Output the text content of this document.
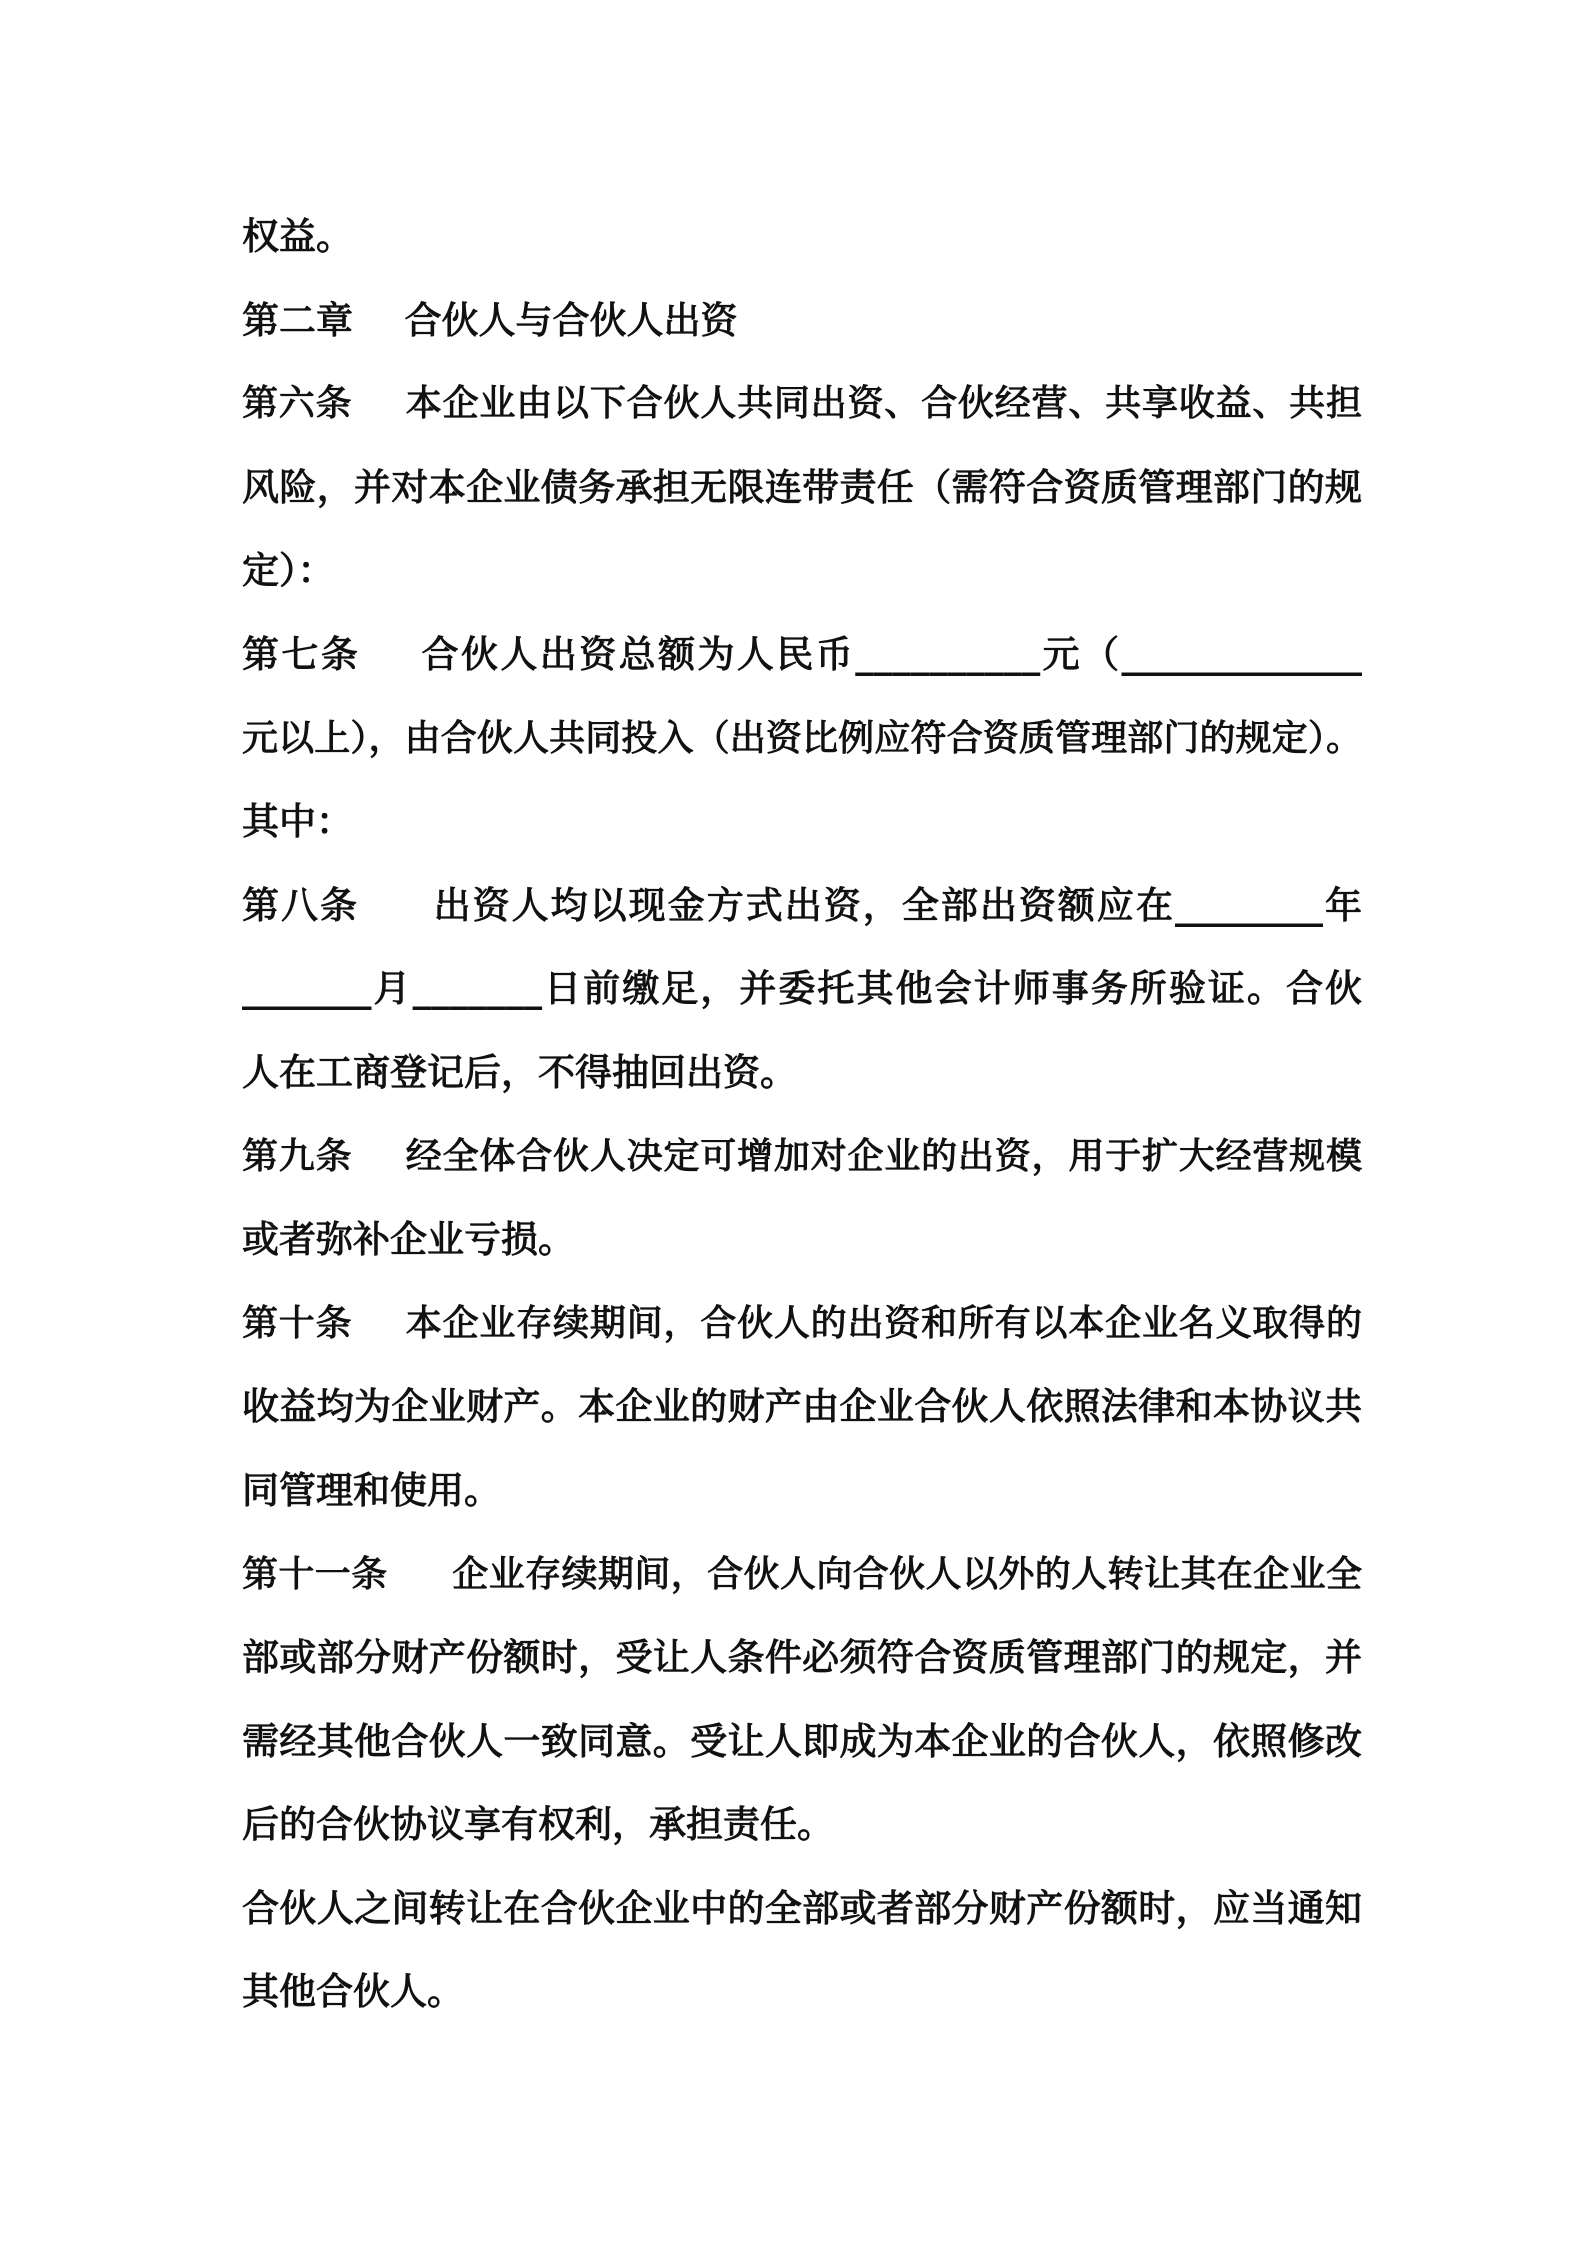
权益。
第二章    合伙人与合伙人出资
第六条    本企业由以下合伙人共同出资、合伙经营、共享收益、共担
风险，并对本企业债务承担无限连带责任（需符合资质管理部门的规
定）：
第七条    合伙人出资总额为人民币__________元（_____________
元以上），由合伙人共同投入（出资比例应符合资质管理部门的规定）。
其中：
第八条     出资人均以现金方式出资，全部出资额应在________年
_______月_______日前缴足，并委托其他会计师事务所验证。合伙
人在工商登记后，不得抽回出资。
第九条    经全体合伙人决定可增加对企业的出资，用于扩大经营规模
或者弥补企业亏损。
第十条    本企业存续期间，合伙人的出资和所有以本企业名义取得的
收益均为企业财产。本企业的财产由企业合伙人依照法律和本协议共
同管理和使用。
第十一条     企业存续期间，合伙人向合伙人以外的人转让其在企业全
部或部分财产份额时，受让人条件必须符合资质管理部门的规定，并
需经其他合伙人一致同意。受让人即成为本企业的合伙人，依照修改
后的合伙协议享有权利，承担责任。
合伙人之间转让在合伙企业中的全部或者部分财产份额时，应当通知
其他合伙人。
